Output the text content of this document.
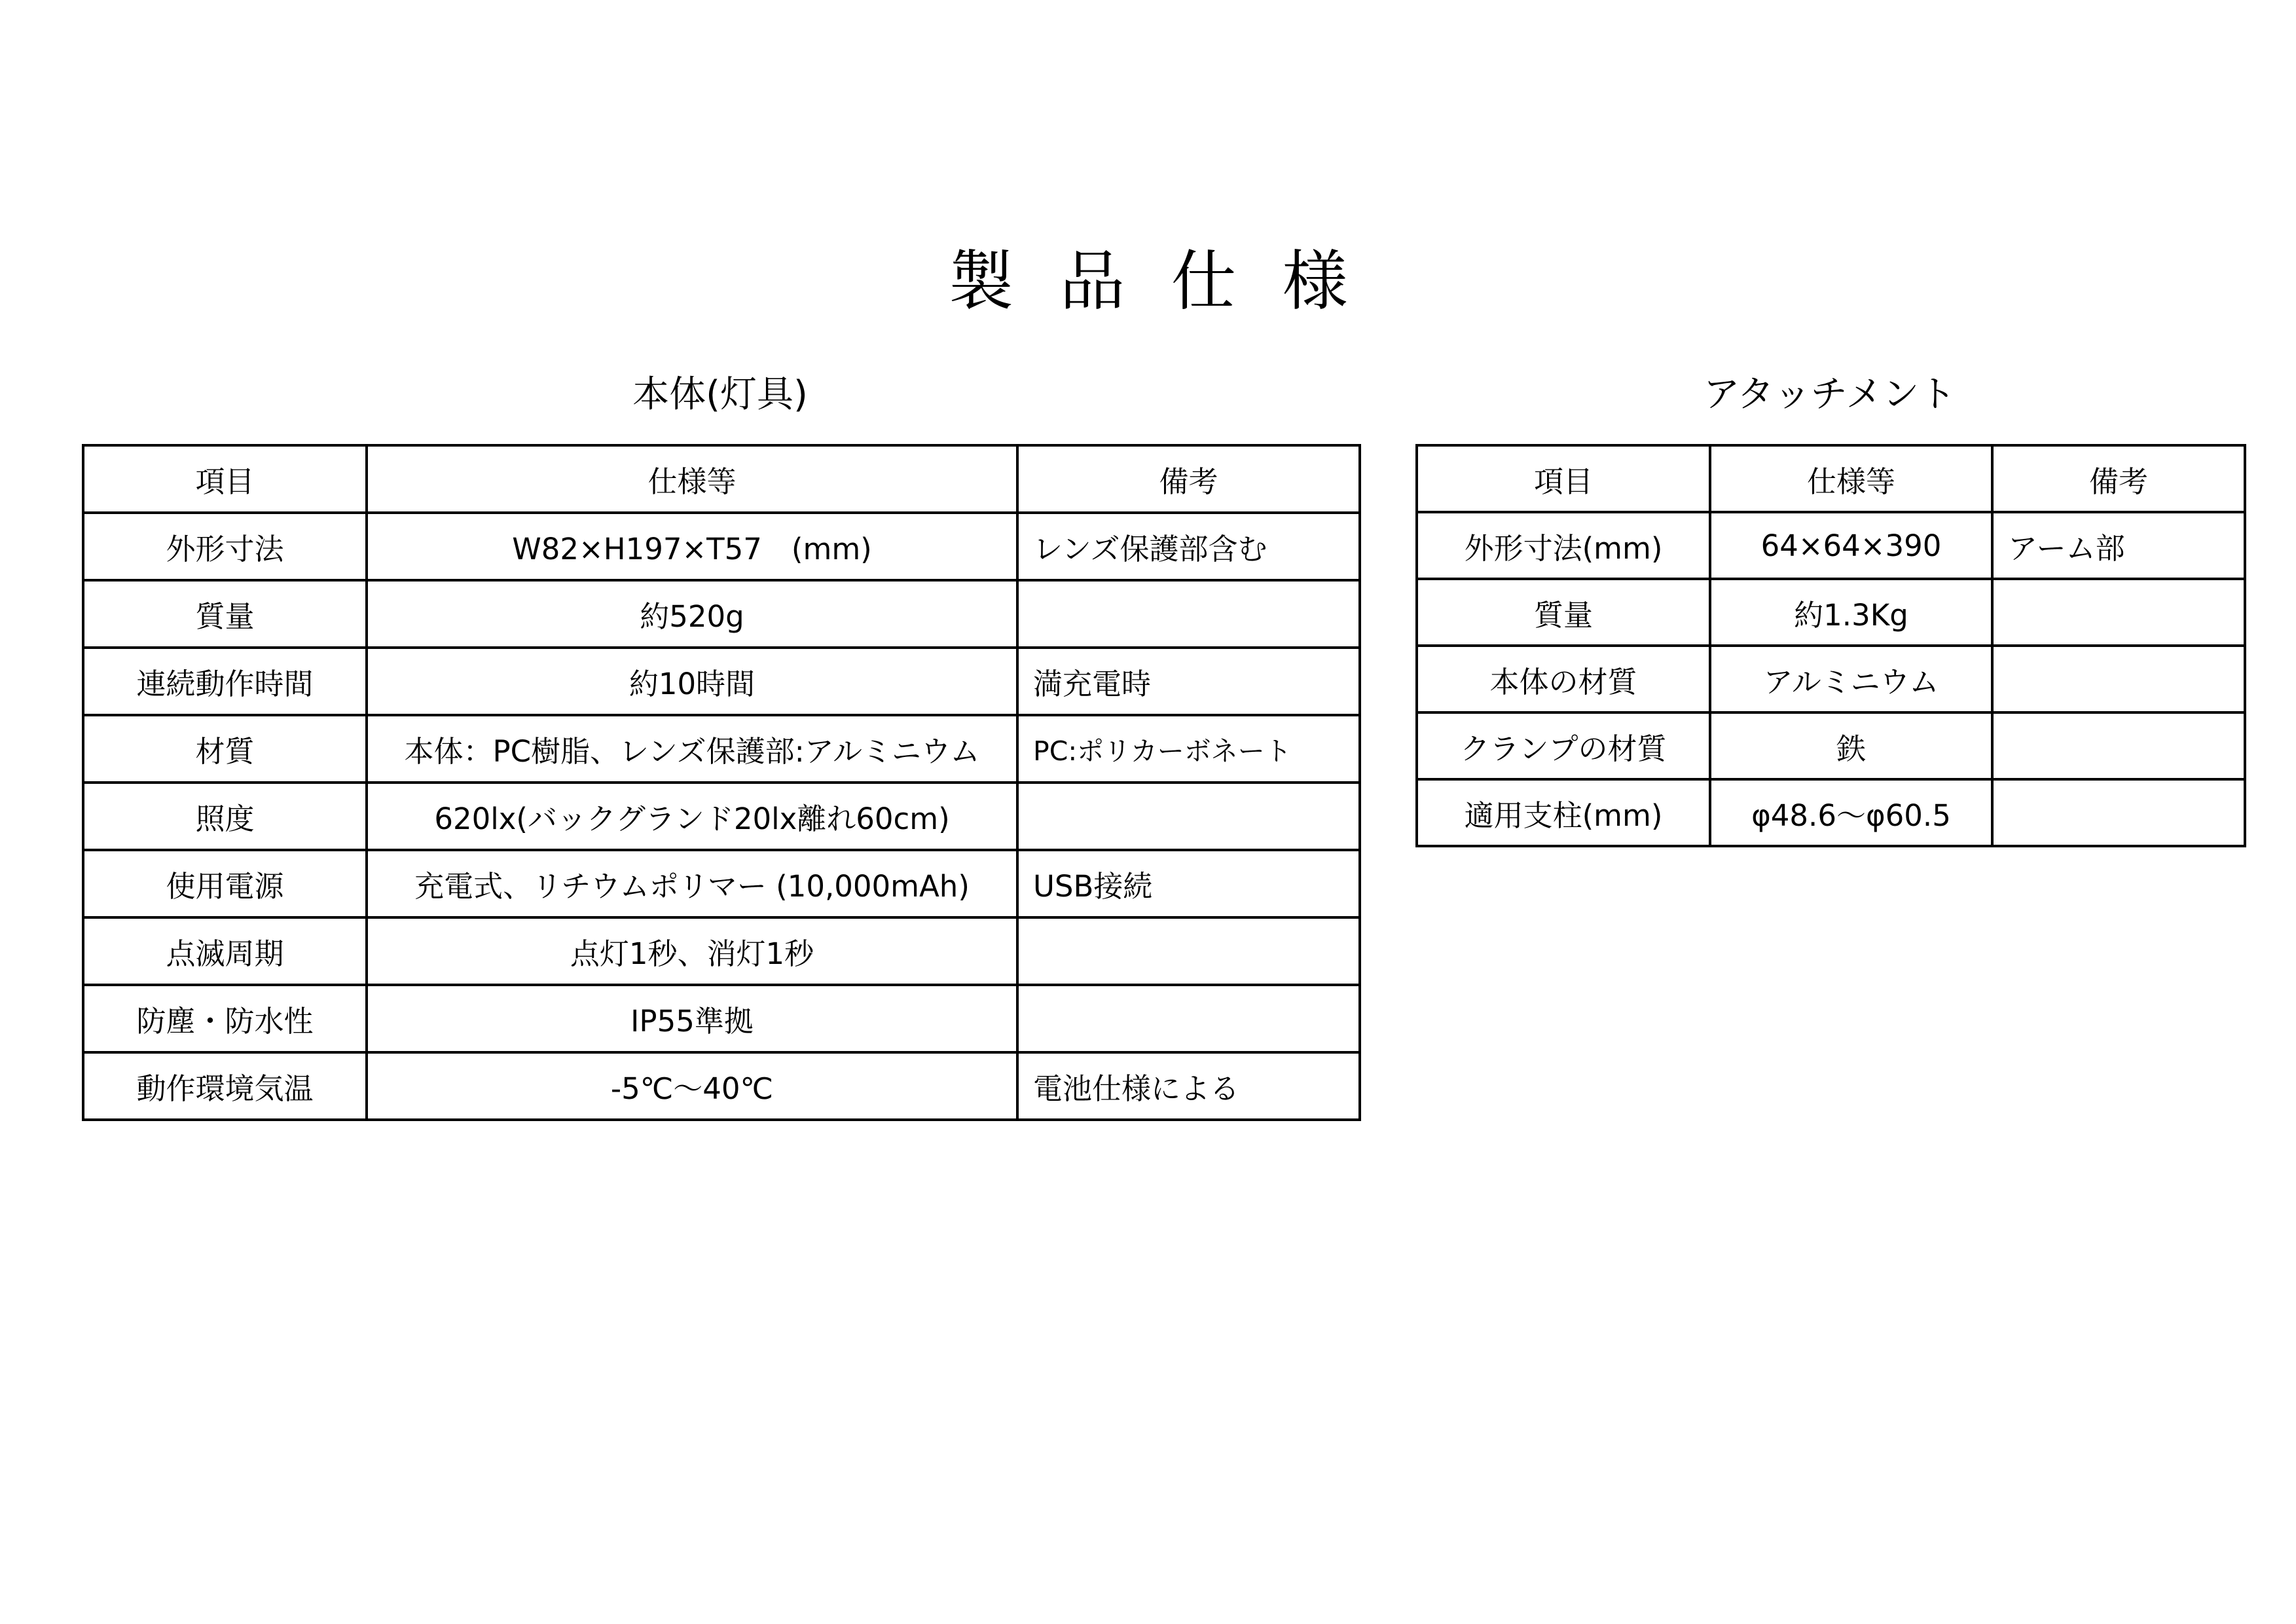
製品仕様
本体(灯具)	アタッチメント
項目	仕様等	備考
外形寸法	W82×H197×T57　(mm)	レンズ保護部含む
質量	約520g	
連続動作時間	約10時間	満充電時
材質	本体：PC樹脂、レンズ保護部:アルミニウム	PC:ポリカーボネート
照度	620lx(バックグランド20lx離れ60cm)	
使用電源	充電式、リチウムポリマー (10,000mAh)	USB接続
点滅周期	点灯1秒、消灯1秒	
防塵・防水性	IP55準拠	
動作環境気温	-5℃～40℃	電池仕様による
項目	仕様等	備考
外形寸法(mm)	64×64×390	アーム部
質量	約1.3Kg	
本体の材質	アルミニウム	
クランプの材質	鉄	
適用支柱(mm)	φ48.6～φ60.5	
